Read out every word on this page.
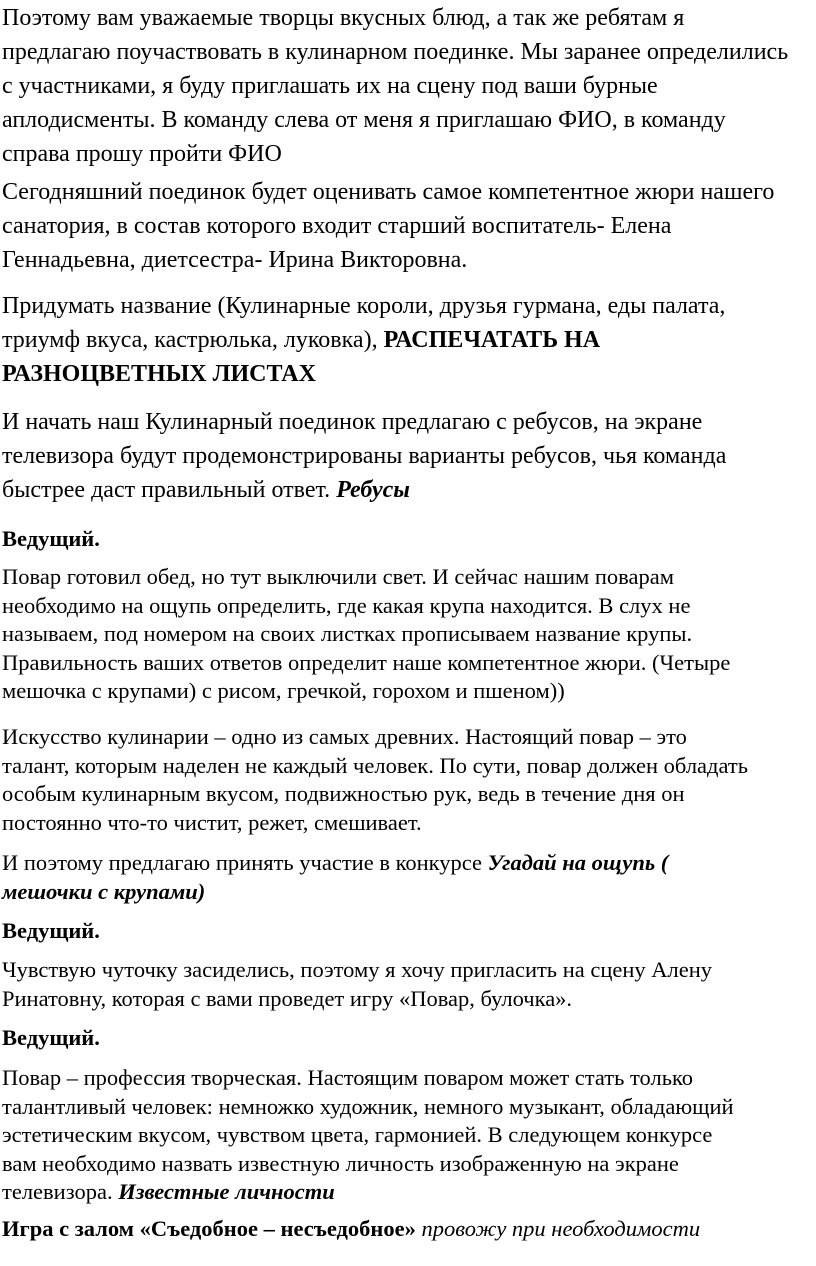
Поэтому вам уважаемые творцы вкусных блюд, а так же ребятам я
предлагаю поучаствовать в кулинарном поединке. Мы заранее определились
с участниками, я буду приглашать их на сцену под ваши бурные
аплодисменты. В команду слева от меня я приглашаю ФИО, в команду
справа прошу пройти ФИО

Сегодняшний поединок будет оценивать самое компетентное жюри нашего
санатория, в состав которого входит старший воспитатель- Елена
Геннадьевна, диетсестра- Ирина Викторовна.

Придумать название (Кулинарные короли, друзья гурмана, еды палата,
триумф вкуса, кастрюлька, луковка), РАСПЕЧАТАТЬ НА
РАЗНОЦВЕТНЫХ ЛИСТАХ

И начать наш Кулинарный поединок предлагаю с ребусов, на экране
телевизора будут продемонстрированы варианты ребусов, чья команда
быстрее даст правильный ответ. Ребусы

Ведущий.

Повар готовил обед, но тут выключили свет. И сейчас нашим поварам
необходимо на ощупь определить, где какая крупа находится. В слух не
называем, под номером на своих листках прописываем название крупы.
Правильность ваших ответов определит наше компетентное жюри. (Четыре
мешочка с крупами) с рисом, гречкой, горохом и пшеном))

Искусство кулинарии – одно из самых древних. Настоящий повар – это
талант, которым наделен не каждый человек. По сути, повар должен обладать
особым кулинарным вкусом, подвижностью рук, ведь в течение дня он
постоянно что-то чистит, режет, смешивает.

И поэтому предлагаю принять участие в конкурсе Угадай на ощупь (
мешочки с крупами)

Ведущий.

Чувствую чуточку засиделись, поэтому я хочу пригласить на сцену Алену
Ринатовну, которая с вами проведет игру «Повар, булочка».

Ведущий.

Повар – профессия творческая. Настоящим поваром может стать только
талантливый человек: немножко художник, немного музыкант, обладающий
эстетическим вкусом, чувством цвета, гармонией. В следующем конкурсе
вам необходимо назвать известную личность изображенную на экране
телевизора. Известные личности

Игра с залом «Съедобное – несъедобное» провожу при необходимости
